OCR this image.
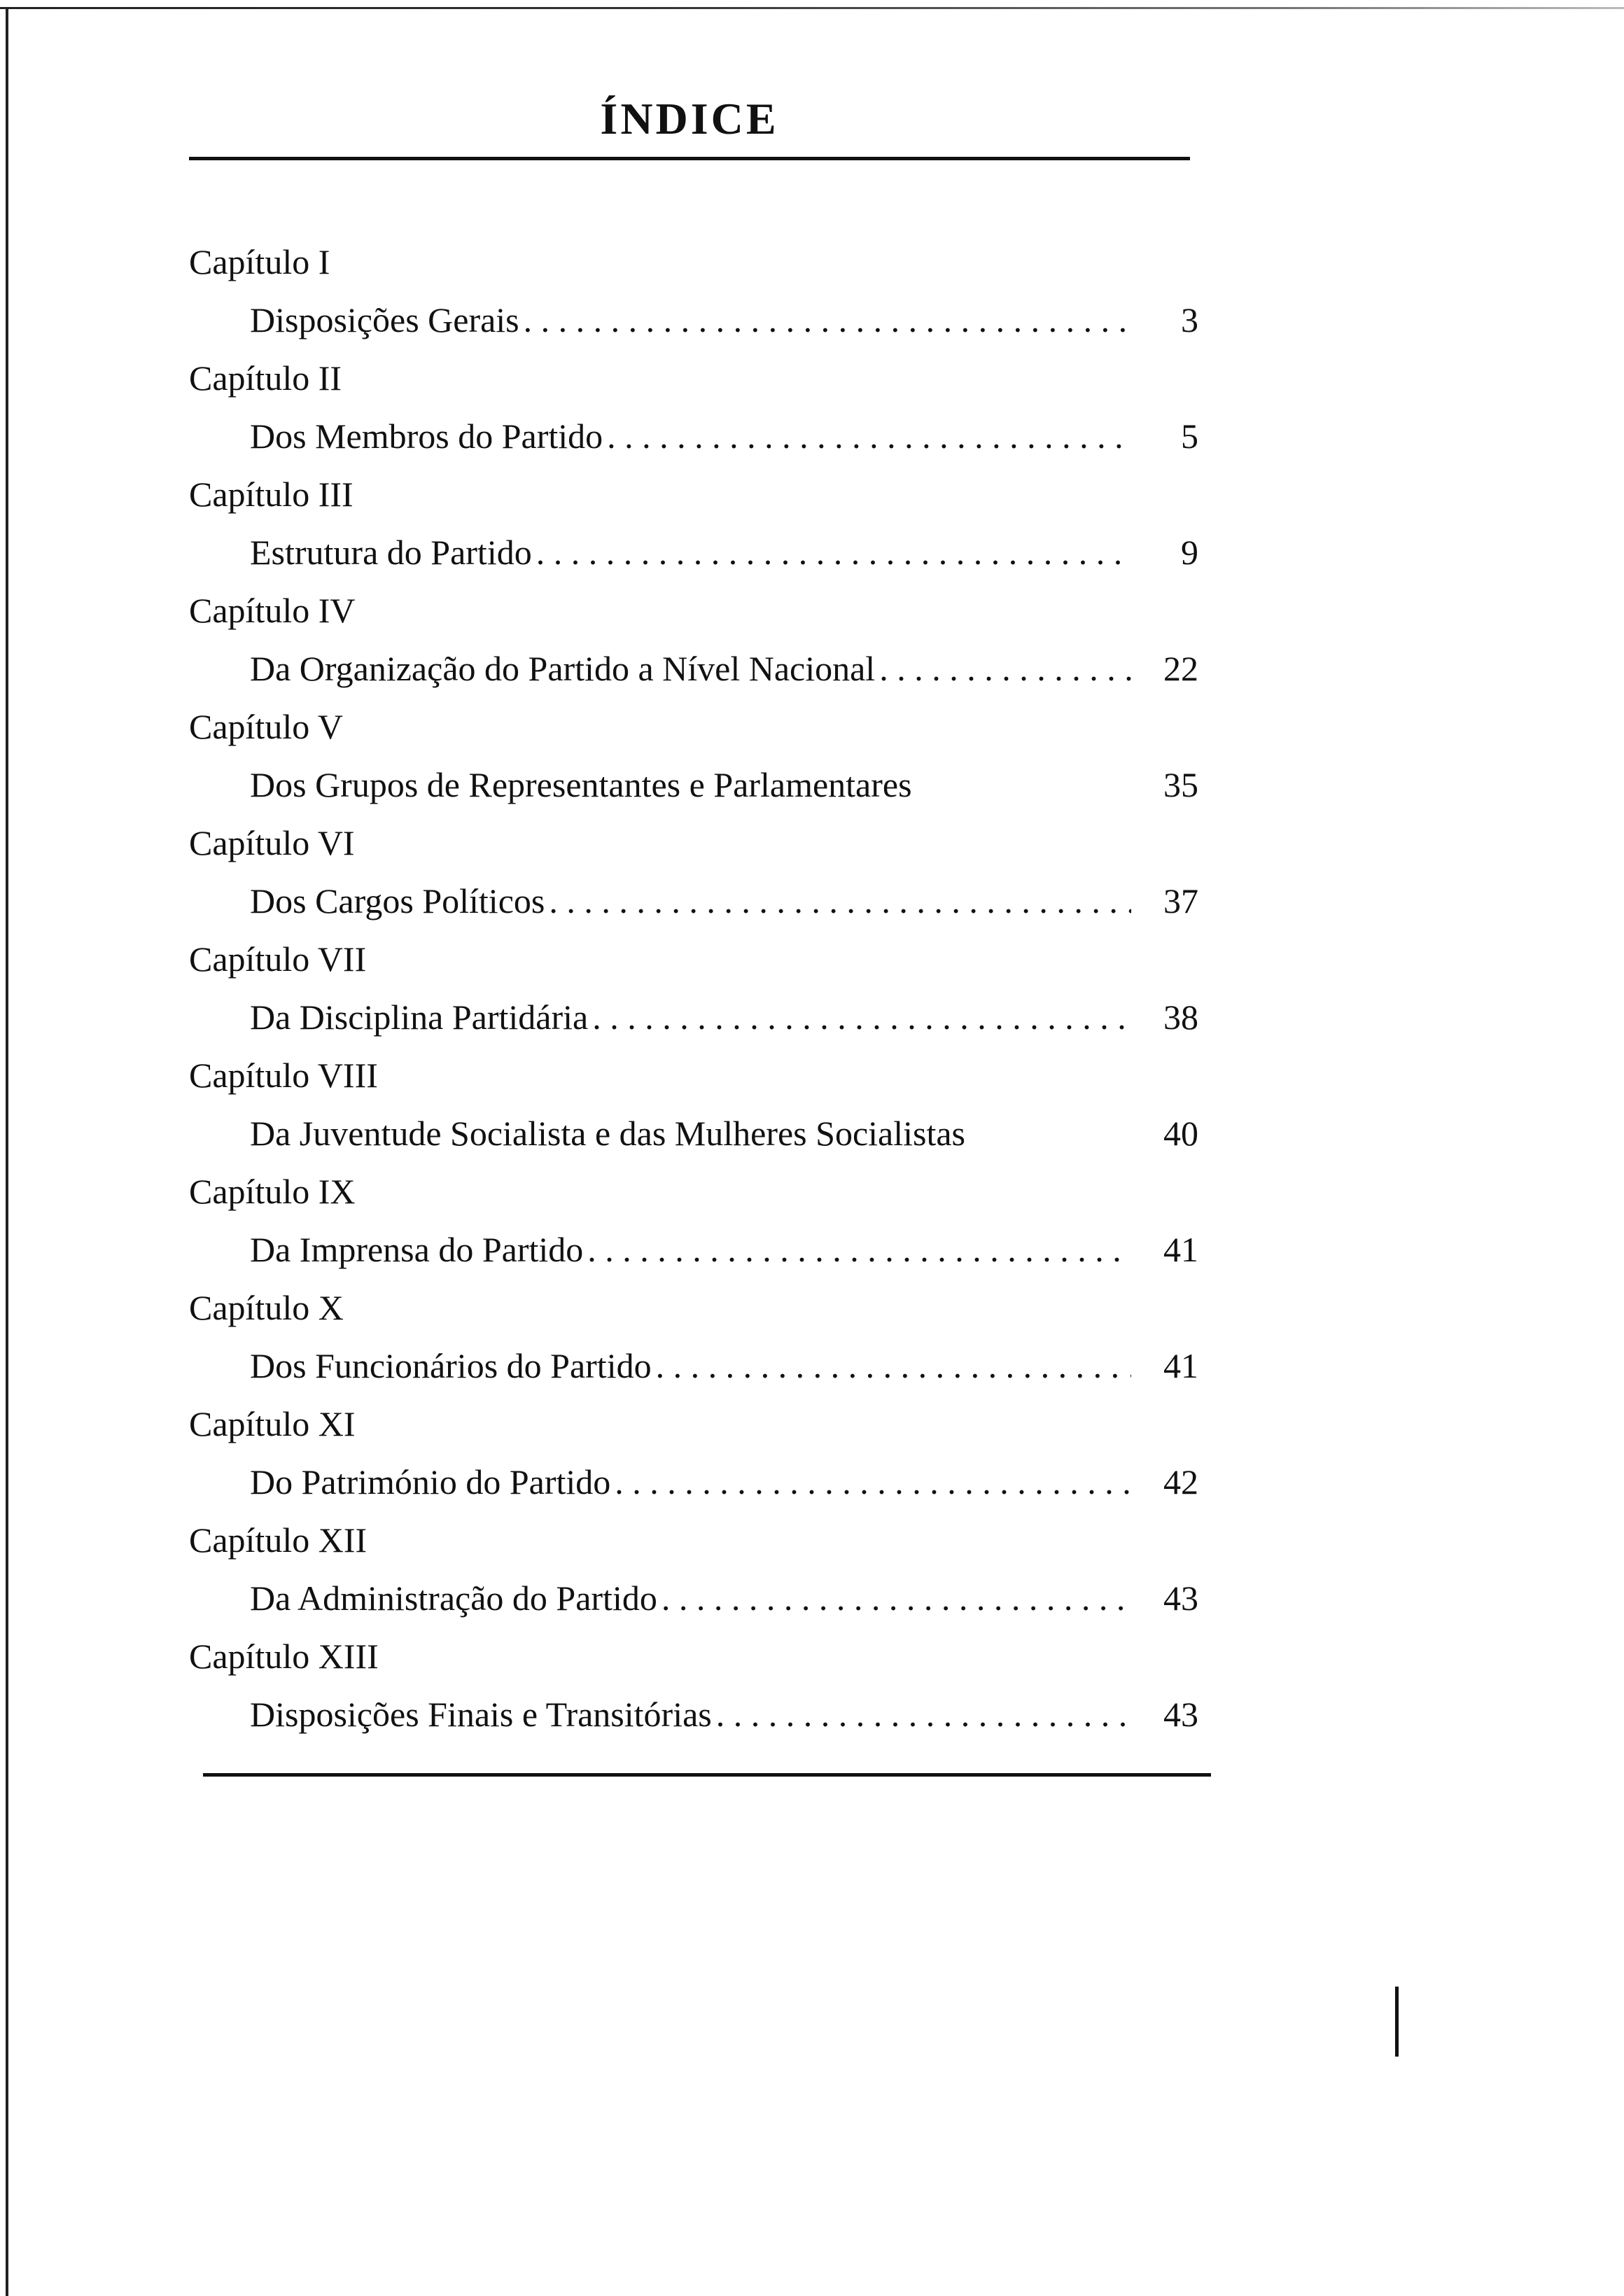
ÍNDICE
Capítulo I
Disposições Gerais . . .	3
Capítulo II
Dos Membros do Partido . . .	5
Capítulo III
Estrutura do Partido . . .	9
Capítulo IV
Da Organização do Partido a Nível Nacional . . .	22
Capítulo V
Dos Grupos de Representantes e Parlamentares	35
Capítulo VI
Dos Cargos Políticos . . .	37
Capítulo VII
Da Disciplina Partidária . . .	38
Capítulo VIII
Da Juventude Socialista e das Mulheres Socialistas	40
Capítulo IX
Da Imprensa do Partido . . .	41
Capítulo X
Dos Funcionários do Partido . . .	41
Capítulo XI
Do Património do Partido . . .	42
Capítulo XII
Da Administração do Partido . . .	43
Capítulo XIII
Disposições Finais e Transitórias . . .	43
